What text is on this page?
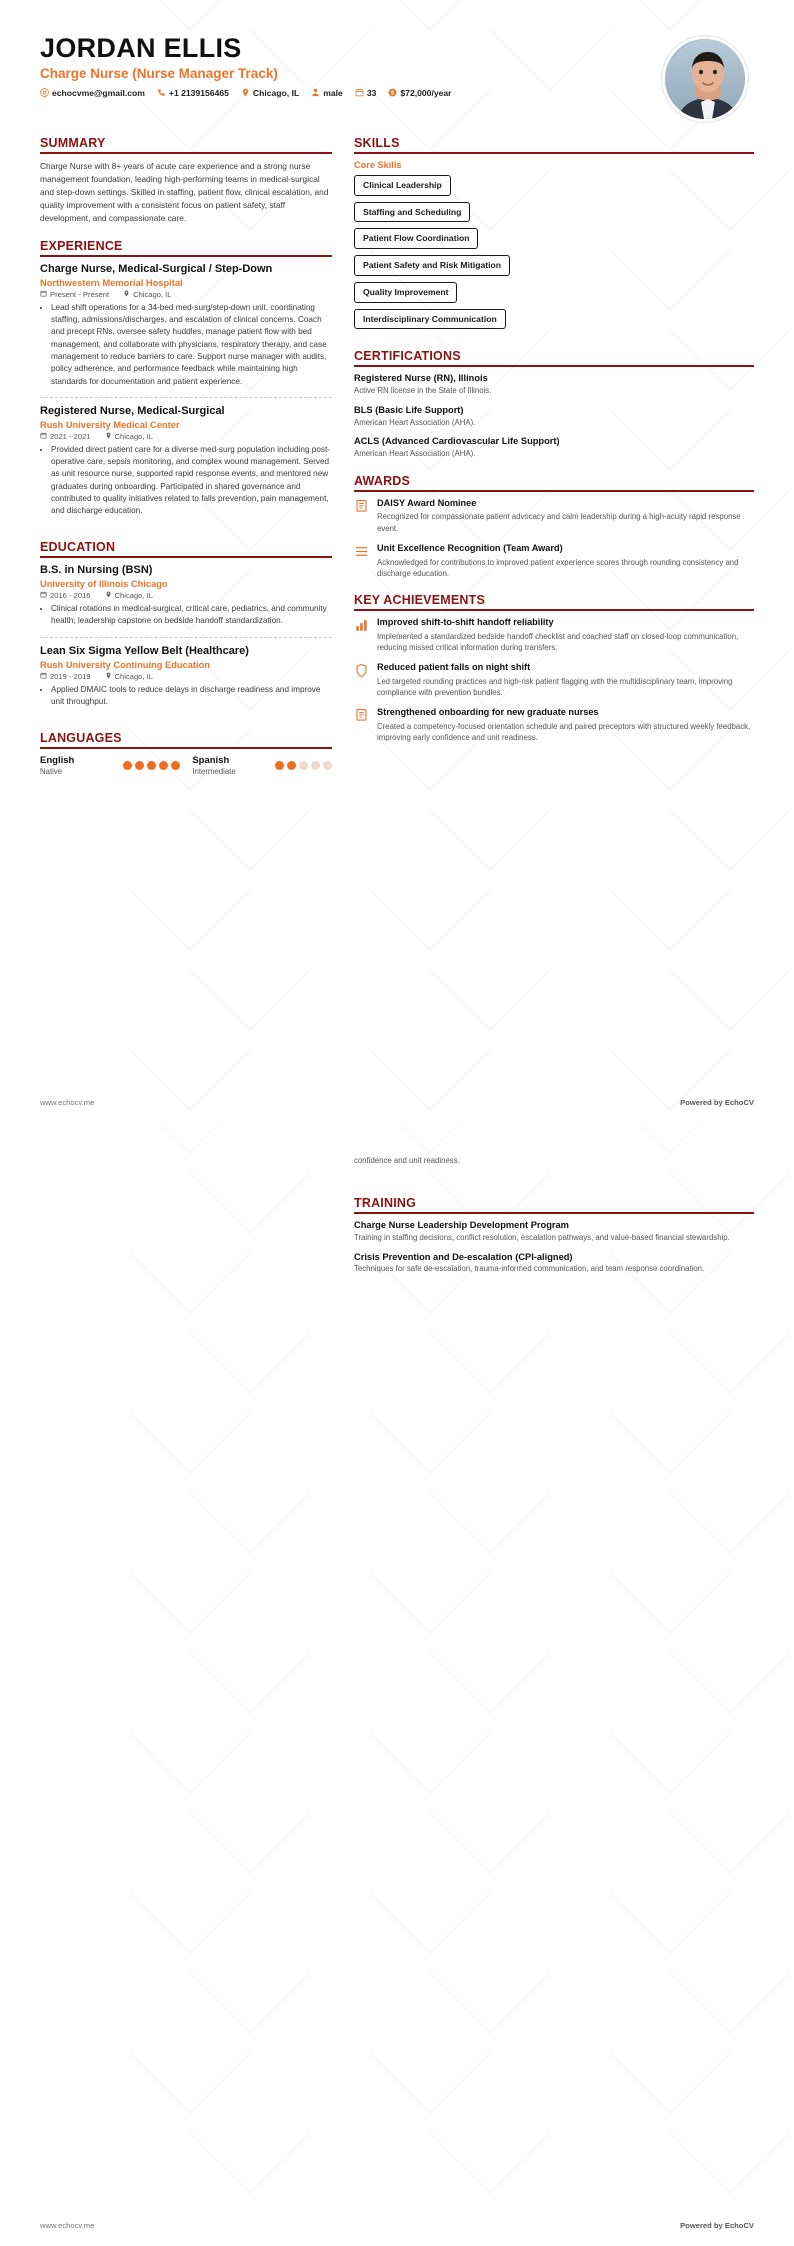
JORDAN ELLIS
Charge Nurse (Nurse Manager Track)
echocvme@gmail.com	+1 2139156465	Chicago, IL	male	33 $ $72,000/year
SUMMARY
Charge Nurse with 8+ years of acute care experience and a strong nurse management foundation, leading high-performing teams in medical-surgical and step-down settings. Skilled in staffing, patient flow, clinical escalation, and quality improvement with a consistent focus on patient safety, staff development, and compassionate care.
EXPERIENCE
Charge Nurse, Medical-Surgical / Step-Down
Northwestern Memorial Hospital
Present - Present	Chicago, IL
• Lead shift operations for a 34-bed med-surg/step-down unit, coordinating staffing, admissions/discharges, and escalation of clinical concerns. Coach and precept RNs, oversee safety huddles, manage patient flow with bed management, and collaborate with physicians, respiratory therapy, and case management to reduce barriers to care. Support nurse manager with audits, policy adherence, and performance feedback while maintaining high standards for documentation and patient experience.
Registered Nurse, Medical-Surgical
Rush University Medical Center
2021 - 2021	Chicago, IL
• Provided direct patient care for a diverse med-surg population including post-operative care, sepsis monitoring, and complex wound management. Served as unit resource nurse, supported rapid response events, and mentored new graduates during onboarding. Participated in shared governance and contributed to quality initiatives related to falls prevention, pain management, and discharge education.
EDUCATION
B.S. in Nursing (BSN)
University of Illinois Chicago
2016 - 2016	Chicago, IL
• Clinical rotations in medical-surgical, critical care, pediatrics, and community health; leadership capstone on bedside handoff standardization.
Lean Six Sigma Yellow Belt (Healthcare)
Rush University Continuing Education
2019 - 2019	Chicago, IL
• Applied DMAIC tools to reduce delays in discharge readiness and improve unit throughput.
LANGUAGES
English
Native
Spanish
Intermediate
SKILLS
Core Skills
Clinical Leadership
Staffing and Scheduling
Patient Flow Coordination
Patient Safety and Risk Mitigation
Quality Improvement
Interdisciplinary Communication
CERTIFICATIONS
Registered Nurse (RN), Illinois
Active RN license in the State of Illinois.
BLS (Basic Life Support)
American Heart Association (AHA).
ACLS (Advanced Cardiovascular Life Support)
American Heart Association (AHA).
AWARDS
DAISY Award Nominee
Recognized for compassionate patient advocacy and calm leadership during a high-acuity rapid response event.
Unit Excellence Recognition (Team Award)
Acknowledged for contributions to improved patient experience scores through rounding consistency and discharge education.
KEY ACHIEVEMENTS
Improved shift-to-shift handoff reliability
Implemented a standardized bedside handoff checklist and coached staff on closed-loop communication, reducing missed critical information during transfers.
Reduced patient falls on night shift
Led targeted rounding practices and high-risk patient flagging with the multidisciplinary team, improving compliance with prevention bundles.
Strengthened onboarding for new graduate nurses
Created a competency-focused orientation schedule and paired preceptors with structured weekly feedback, improving early confidence and unit readiness.
www.echocv.me	Powered by EchoCV
confidence and unit readiness.
TRAINING
Charge Nurse Leadership Development Program
Training in staffing decisions, conflict resolution, escalation pathways, and value-based financial stewardship.
Crisis Prevention and De-escalation (CPI-aligned)
Techniques for safe de-escalation, trauma-informed communication, and team response coordination.
www.echocv.me	Powered by EchoCV
